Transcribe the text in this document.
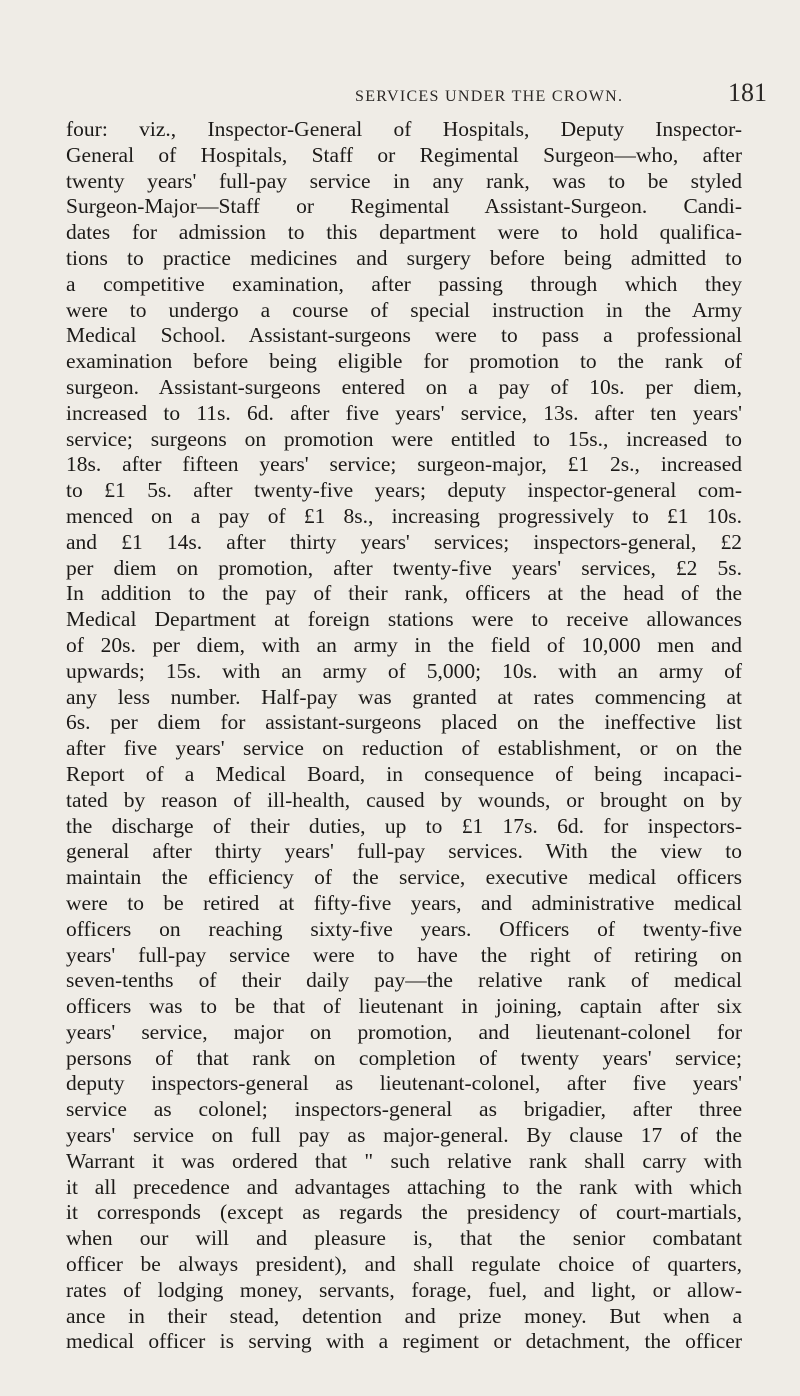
SERVICES UNDER THE CROWN.	181
four: viz., Inspector-General of Hospitals, Deputy Inspector-
General of Hospitals, Staff or Regimental Surgeon—who, after
twenty years' full-pay service in any rank, was to be styled
Surgeon-Major—Staff or Regimental Assistant-Surgeon. Candi-
dates for admission to this department were to hold qualifica-
tions to practice medicines and surgery before being admitted to
a competitive examination, after passing through which they
were to undergo a course of special instruction in the Army
Medical School. Assistant-surgeons were to pass a professional
examination before being eligible for promotion to the rank of
surgeon. Assistant-surgeons entered on a pay of 10s. per diem,
increased to 11s. 6d. after five years' service, 13s. after ten years'
service; surgeons on promotion were entitled to 15s., increased to
18s. after fifteen years' service; surgeon-major, £1 2s., increased
to £1 5s. after twenty-five years; deputy inspector-general com-
menced on a pay of £1 8s., increasing progressively to £1 10s.
and £1 14s. after thirty years' services; inspectors-general, £2
per diem on promotion, after twenty-five years' services, £2 5s.
In addition to the pay of their rank, officers at the head of the
Medical Department at foreign stations were to receive allowances
of 20s. per diem, with an army in the field of 10,000 men and
upwards; 15s. with an army of 5,000; 10s. with an army of
any less number. Half-pay was granted at rates commencing at
6s. per diem for assistant-surgeons placed on the ineffective list
after five years' service on reduction of establishment, or on the
Report of a Medical Board, in consequence of being incapaci-
tated by reason of ill-health, caused by wounds, or brought on by
the discharge of their duties, up to £1 17s. 6d. for inspectors-
general after thirty years' full-pay services. With the view to
maintain the efficiency of the service, executive medical officers
were to be retired at fifty-five years, and administrative medical
officers on reaching sixty-five years. Officers of twenty-five
years' full-pay service were to have the right of retiring on
seven-tenths of their daily pay—the relative rank of medical
officers was to be that of lieutenant in joining, captain after six
years' service, major on promotion, and lieutenant-colonel for
persons of that rank on completion of twenty years' service;
deputy inspectors-general as lieutenant-colonel, after five years'
service as colonel; inspectors-general as brigadier, after three
years' service on full pay as major-general. By clause 17 of the
Warrant it was ordered that " such relative rank shall carry with
it all precedence and advantages attaching to the rank with which
it corresponds (except as regards the presidency of court-martials,
when our will and pleasure is, that the senior combatant
officer be always president), and shall regulate choice of quarters,
rates of lodging money, servants, forage, fuel, and light, or allow-
ance in their stead, detention and prize money. But when a
medical officer is serving with a regiment or detachment, the officer
